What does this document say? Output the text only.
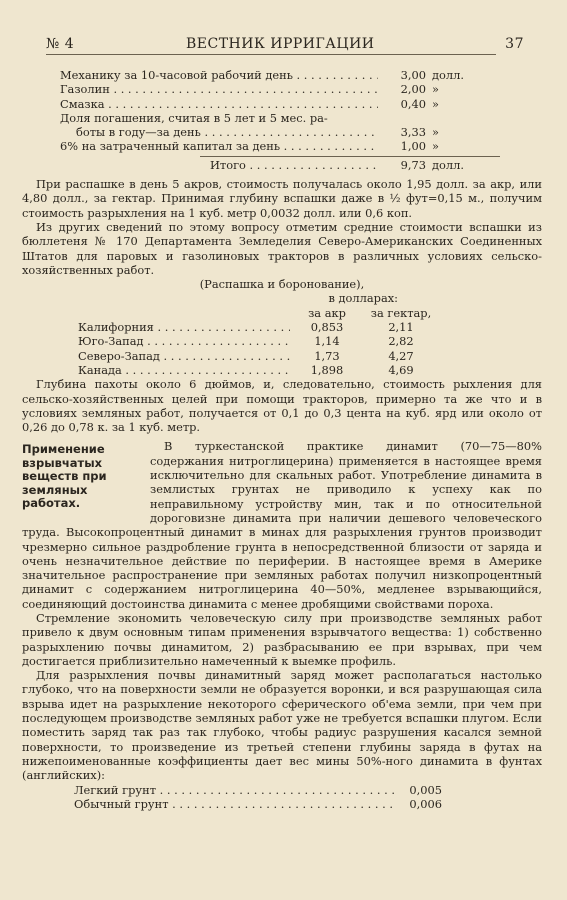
№ 4	ВЕСТНИК ИРРИГАЦИИ	37
Механику за 10-часовой рабочий день . . .	3,00 долл.
Газолин . . .	2,00 »
Смазка . . .	0,40 »
Доля погашения, считая в 5 лет и 5 мес. ра-
боты в году—за день . . .	3,33 »
6% на затраченный капитал за день . . .	1,00 »
Итого . . .	9,73 долл.

При распашке в день 5 акров, стоимость получалась около 1,95 долл. за акр, или 4,80 долл., за гектар. Принимая глубину вспашки даже в ½ фут=0,15 м., получим стоимость разрыхления на 1 куб. метр 0,0032 долл. или 0,6 коп.

Из других сведений по этому вопросу отметим средние стоимости вспашки из бюллетеня № 170 Департамента Земледелия Северо-Американских Соединенных Штатов для паровых и газолиновых тракторов в различных условиях сельско-хозяйственных работ.

(Распашка и боронование),
в долларах:
за акр	за гектар,
Калифорния . . .	0,853	2,11
Юго-Запад . . .	1,14	2,82
Северо-Запад . . .	1,73	4,27
Канада . . .	1,898	4,69

Глубина пахоты около 6 дюймов, и, следовательно, стоимость рыхления для сельско-хозяйственных целей при помощи тракторов, примерно та же что и в условиях земляных работ, получается от 0,1 до 0,3 цента на куб. ярд или около от 0,26 до 0,78 к. за 1 куб. метр.

Применение взрывчатых веществ при земляных работах.

В туркестанской практике динамит (70—75—80% содержания нитроглицерина) применяется в настоящее время исключительно для скальных работ. Употребление динамита в землистых грунтах не приводило к успеху как по неправильному устройству мин, так и по относительной дороговизне динамита при наличии дешевого человеческого труда. Высокопроцентный динамит в минах для разрыхления грунтов производит чрезмерно сильное раздробление грунта в непосредственной близости от заряда и очень незначительное действие по периферии. В настоящее время в Америке значительное распространение при земляных работах получил низкопроцентный динамит с содержанием нитроглицерина 40—50%, медленее взрывающийся, соединяющий достоинства динамита с менее дробящими свойствами пороха.

Стремление экономить человеческую силу при производстве земляных работ привело к двум основным типам применения взрывчатого вещества: 1) собственно разрыхлению почвы динамитом, 2) разбрасыванию ее при взрывах, при чем достигается приблизительно намеченный к выемке профиль.

Для разрыхления почвы динамитный заряд может располагаться настолько глубоко, что на поверхности земли не образуется воронки, и вся разрушающая сила взрыва идет на разрыхление некоторого сферического об'ема земли, при чем при последующем производстве земляных работ уже не требуется вспашки плугом. Если поместить заряд так раз так глубоко, чтобы радиус разрушения касался земной поверхности, то произведение из третьей степени глубины заряда в футах на нижепоименованные коэффициенты дает вес мины 50%-ного динамита в фунтах (английских):

Легкий грунт . . .	0,005
Обычный грунт . . .	0,006
